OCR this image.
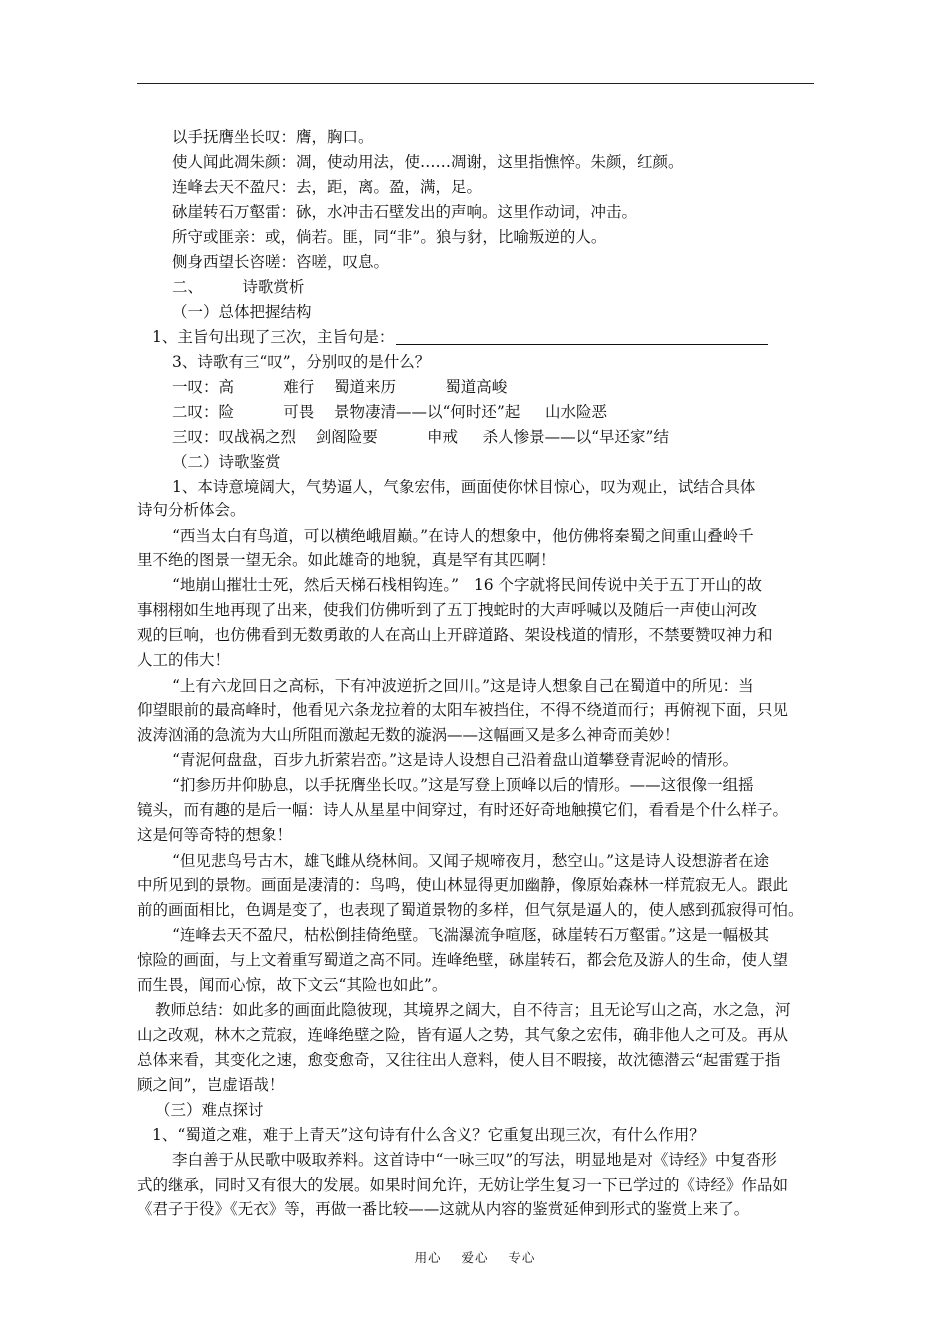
以手抚膺坐长叹：膺，胸口。
使人闻此凋朱颜：凋，使动用法，使……凋谢，这里指憔悴。朱颜，红颜。
连峰去天不盈尺：去，距，离。盈，满，足。
砅崖转石万壑雷：砅，水冲击石壁发出的声响。这里作动词，冲击。
所守或匪亲：或，倘若。匪，同“非”。狼与豺，比喻叛逆的人。
侧身西望长咨嗟：咨嗟，叹息。
二、        诗歌赏析
（一）总体把握结构
1、主旨句出现了三次，主旨句是：
3、诗歌有三“叹”，分别叹的是什么？
一叹：高          难行    蜀道来历          蜀道高峻
二叹：险          可畏    景物凄清——以“何时还”起     山水险恶
三叹：叹战祸之烈    剑阁险要          申戒     杀人惨景——以“早还家”结
（二）诗歌鉴赏
1、本诗意境阔大，气势逼人，气象宏伟，画面使你怵目惊心，叹为观止，试结合具体
诗句分析体会。
“西当太白有鸟道，可以横绝峨眉巅。”在诗人的想象中，他仿佛将秦蜀之间重山叠岭千
里不绝的图景一望无余。如此雄奇的地貌，真是罕有其匹啊！
“地崩山摧壮士死，然后天梯石栈相钩连。”   16 个字就将民间传说中关于五丁开山的故
事栩栩如生地再现了出来，使我们仿佛听到了五丁拽蛇时的大声呼喊以及随后一声使山河改
观的巨响，也仿佛看到无数勇敢的人在高山上开辟道路、架设栈道的情形，不禁要赞叹神力和
人工的伟大！
“上有六龙回日之高标，下有冲波逆折之回川。”这是诗人想象自己在蜀道中的所见：当
仰望眼前的最高峰时，他看见六条龙拉着的太阳车被挡住，不得不绕道而行；再俯视下面，只见
波涛汹涌的急流为大山所阻而激起无数的漩涡——这幅画又是多么神奇而美妙！
“青泥何盘盘，百步九折萦岩峦。”这是诗人设想自己沿着盘山道攀登青泥岭的情形。
“扪参历井仰胁息，以手抚膺坐长叹。”这是写登上顶峰以后的情形。——这很像一组摇
镜头，而有趣的是后一幅：诗人从星星中间穿过，有时还好奇地触摸它们，看看是个什么样子。
这是何等奇特的想象！
“但见悲鸟号古木，雄飞雌从绕林间。又闻子规啼夜月，愁空山。”这是诗人设想游者在途
中所见到的景物。画面是凄清的：鸟鸣，使山林显得更加幽静，像原始森林一样荒寂无人。跟此
前的画面相比，色调是变了，也表现了蜀道景物的多样，但气氛是逼人的，使人感到孤寂得可怕。
“连峰去天不盈尺，枯松倒挂倚绝壁。飞湍瀑流争喧豗，砯崖转石万壑雷。”这是一幅极其
惊险的画面，与上文着重写蜀道之高不同。连峰绝壁，砯崖转石，都会危及游人的生命，使人望
而生畏，闻而心惊，故下文云“其险也如此”。
教师总结：如此多的画面此隐彼现，其境界之阔大，自不待言；且无论写山之高，水之急，河
山之改观，林木之荒寂，连峰绝壁之险，皆有逼人之势，其气象之宏伟，确非他人之可及。再从
总体来看，其变化之速，愈变愈奇，又往往出人意料，使人目不暇接，故沈德潜云“起雷霆于指
顾之间”，岂虚语哉！
（三）难点探讨
1、“蜀道之难，难于上青天”这句诗有什么含义？它重复出现三次，有什么作用？
李白善于从民歌中吸取养料。这首诗中“一咏三叹”的写法，明显地是对《诗经》中复沓形
式的继承，同时又有很大的发展。如果时间允许，无妨让学生复习一下已学过的《诗经》作品如
《君子于役》《无衣》等，再做一番比较——这就从内容的鉴赏延伸到形式的鉴赏上来了。
用心    爱心    专心
